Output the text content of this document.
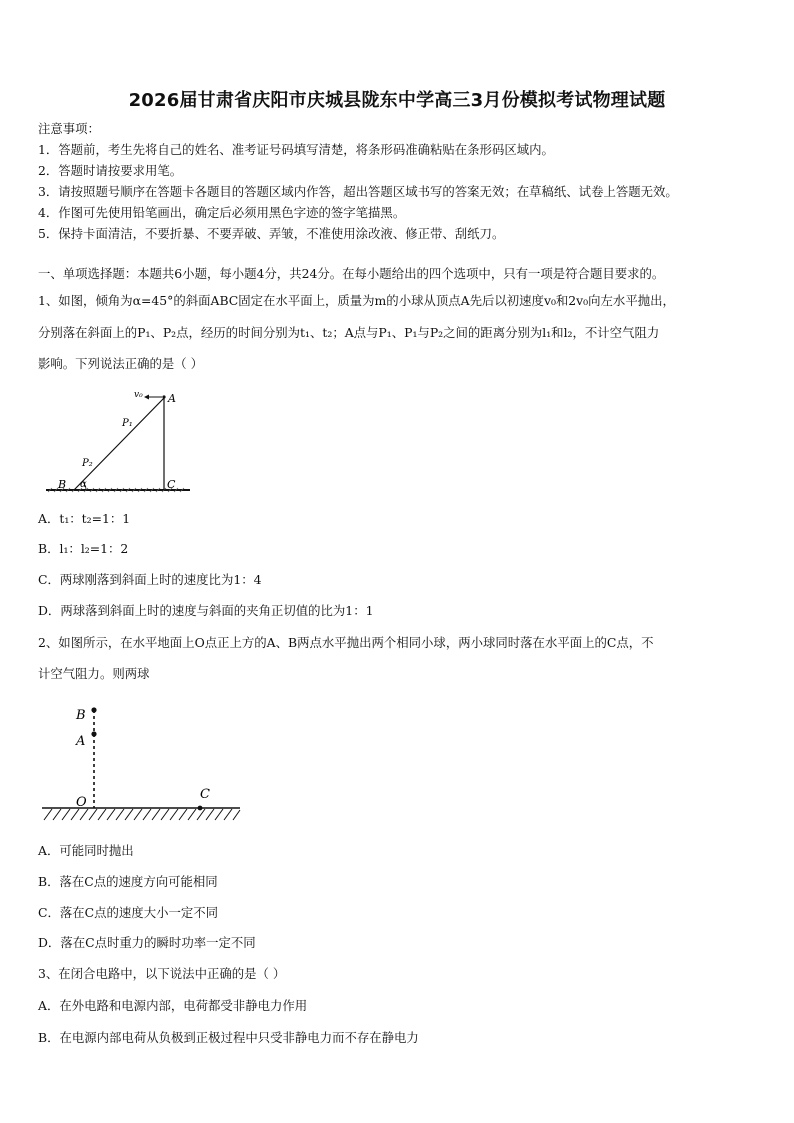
2026届甘肃省庆阳市庆城县陇东中学高三3月份模拟考试物理试题
注意事项：
1．答题前，考生先将自己的姓名、准考证号码填写清楚，将条形码准确粘贴在条形码区域内。
2．答题时请按要求用笔。
3．请按照题号顺序在答题卡各题目的答题区域内作答，超出答题区域书写的答案无效；在草稿纸、试卷上答题无效。
4．作图可先使用铅笔画出，确定后必须用黑色字迹的签字笔描黑。
5．保持卡面清洁，不要折暴、不要弄破、弄皱，不准使用涂改液、修正带、刮纸刀。
一、单项选择题：本题共6小题，每小题4分，共24分。在每小题给出的四个选项中，只有一项是符合题目要求的。
1、如图，倾角为α=45°的斜面ABC固定在水平面上，质量为m的小球从顶点A先后以初速度v₀和2v₀向左水平抛出，
分别落在斜面上的P₁、P₂点，经历的时间分别为t₁、t₂；A点与P₁、P₁与P₂之间的距离分别为l₁和l₂，不计空气阻力
影响。下列说法正确的是（ ）
v₀ A
P₁
P₂
B α	C
A．t₁：t₂=1：1
B．l₁：l₂=1：2
C．两球刚落到斜面上时的速度比为1：4
D．两球落到斜面上时的速度与斜面的夹角正切值的比为1：1
2、如图所示，在水平地面上O点正上方的A、B两点水平抛出两个相同小球，两小球同时落在水平面上的C点，不
计空气阻力。则两球
B
A
O
C
A．可能同时抛出
B．落在C点的速度方向可能相同
C．落在C点的速度大小一定不同
D．落在C点时重力的瞬时功率一定不同
3、在闭合电路中，以下说法中正确的是（ ）
A．在外电路和电源内部，电荷都受非静电力作用
B．在电源内部电荷从负极到正极过程中只受非静电力而不存在静电力
